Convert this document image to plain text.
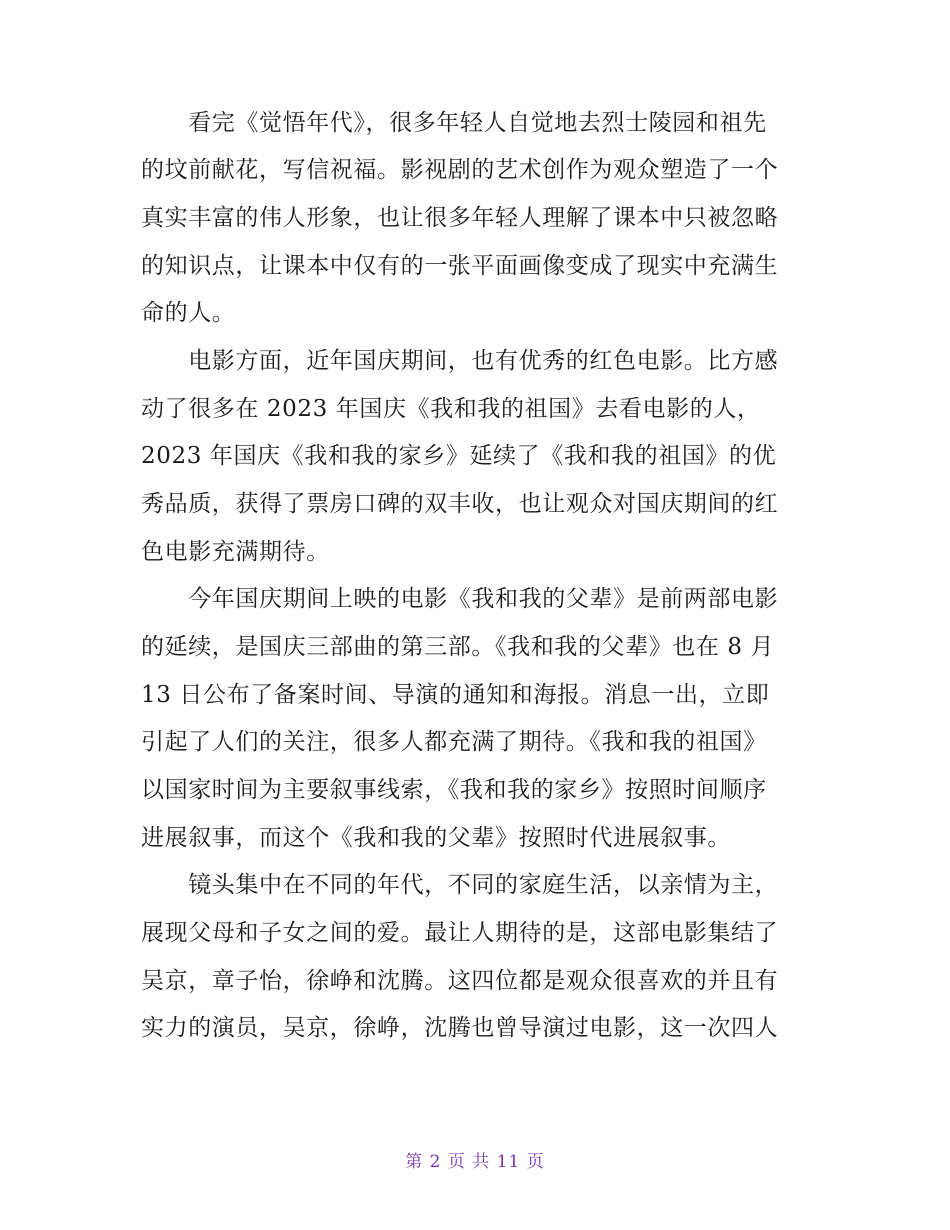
　　看完《觉悟年代》，很多年轻人自觉地去烈士陵园和祖先
的坟前献花，写信祝福。影视剧的艺术创作为观众塑造了一个
真实丰富的伟人形象，也让很多年轻人理解了课本中只被忽略
的知识点，让课本中仅有的一张平面画像变成了现实中充满生
命的人。
　　电影方面，近年国庆期间，也有优秀的红色电影。比方感
动了很多在 2023 年国庆《我和我的祖国》去看电影的人，
2023 年国庆《我和我的家乡》延续了《我和我的祖国》的优
秀品质，获得了票房口碑的双丰收，也让观众对国庆期间的红
色电影充满期待。
　　今年国庆期间上映的电影《我和我的父辈》是前两部电影
的延续，是国庆三部曲的第三部。《我和我的父辈》也在 8 月
13 日公布了备案时间、导演的通知和海报。消息一出，立即
引起了人们的关注，很多人都充满了期待。《我和我的祖国》
以国家时间为主要叙事线索，《我和我的家乡》按照时间顺序
进展叙事，而这个《我和我的父辈》按照时代进展叙事。
　　镜头集中在不同的年代，不同的家庭生活，以亲情为主，
展现父母和子女之间的爱。最让人期待的是，这部电影集结了
吴京，章子怡，徐峥和沈腾。这四位都是观众很喜欢的并且有
实力的演员，吴京，徐峥，沈腾也曾导演过电影，这一次四人
第 2 页 共 11 页
